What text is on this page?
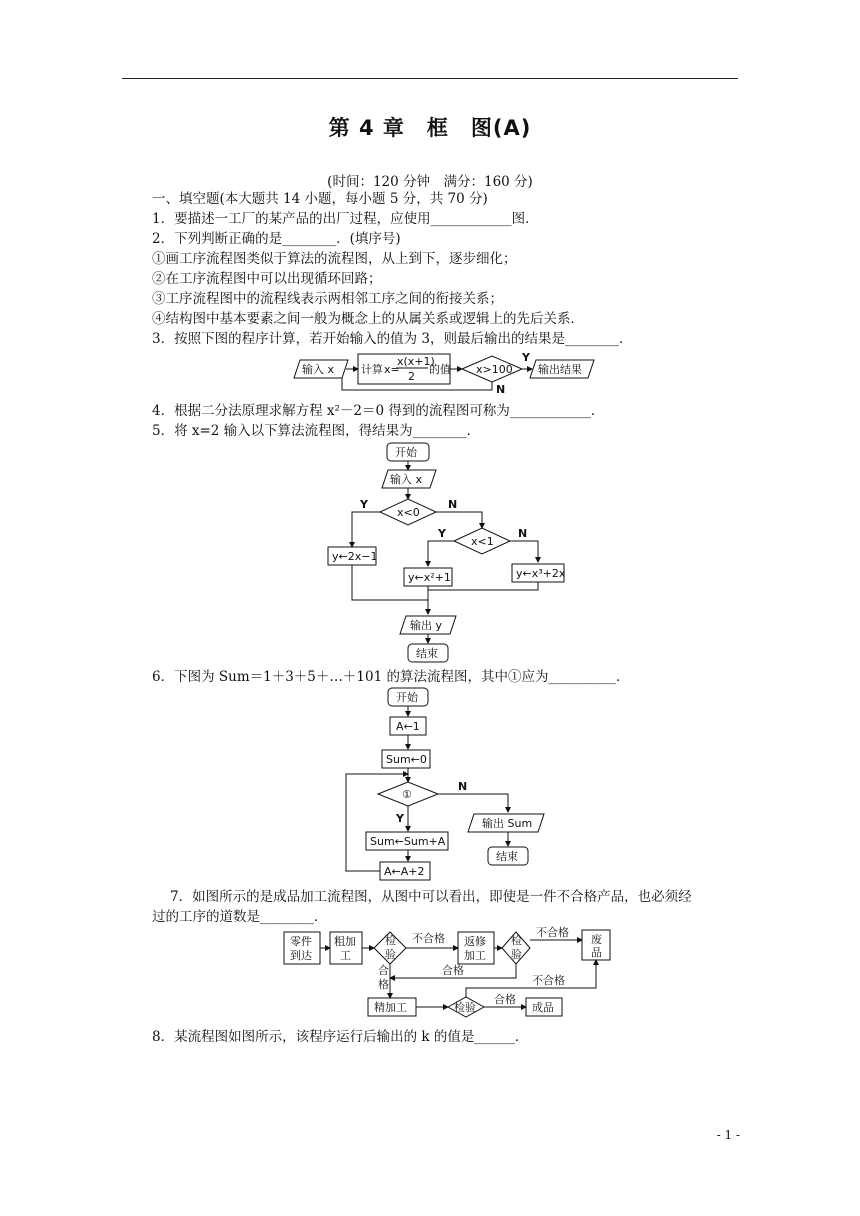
第 4 章　框　图(A)
(时间：120 分钟　满分：160 分)
一、填空题(本大题共 14 小题，每小题 5 分，共 70 分)
1．要描述一工厂的某产品的出厂过程，应使用____________图．
2．下列判断正确的是________．(填序号)
①画工序流程图类似于算法的流程图，从上到下，逐步细化；
②在工序流程图中可以出现循环回路；
③工序流程图中的流程线表示两相邻工序之间的衔接关系；
④结构图中基本要素之间一般为概念上的从属关系或逻辑上的先后关系．
3．按照下图的程序计算，若开始输入的值为 3，则最后输出的结果是________．
输入 x 计算 x=
x(x+1)
2
的值 x>100
Y
输出结果
N
4．根据二分法原理求解方程 x²－2＝0 得到的流程图可称为____________．
5．将 x=2 输入以下算法流程图，得结果为________．
开始
输入 x
x<0
Y	N
y←2x−1
x<1
Y	N
y←x²+1	y←x³+2x
输出 y
结束
6．下图为 Sum＝1＋3＋5＋…＋101 的算法流程图，其中①应为__________．
开始
A←1
Sum←0
①
N
输出 Sum
结束
Y
Sum←Sum+A
A←A+2
7．如图所示的是成品加工流程图，从图中可以看出，即使是一件不合格产品，也必须经
过的工序的道数是________．
零件
到达
粗加
工
检
验
不合格 返修
加工
检
验
不合格
废
品
合格
合
格
精加工	检验
合格
成品
不合格
8．某流程图如图所示，该程序运行后输出的 k 的值是______．
- 1 -
